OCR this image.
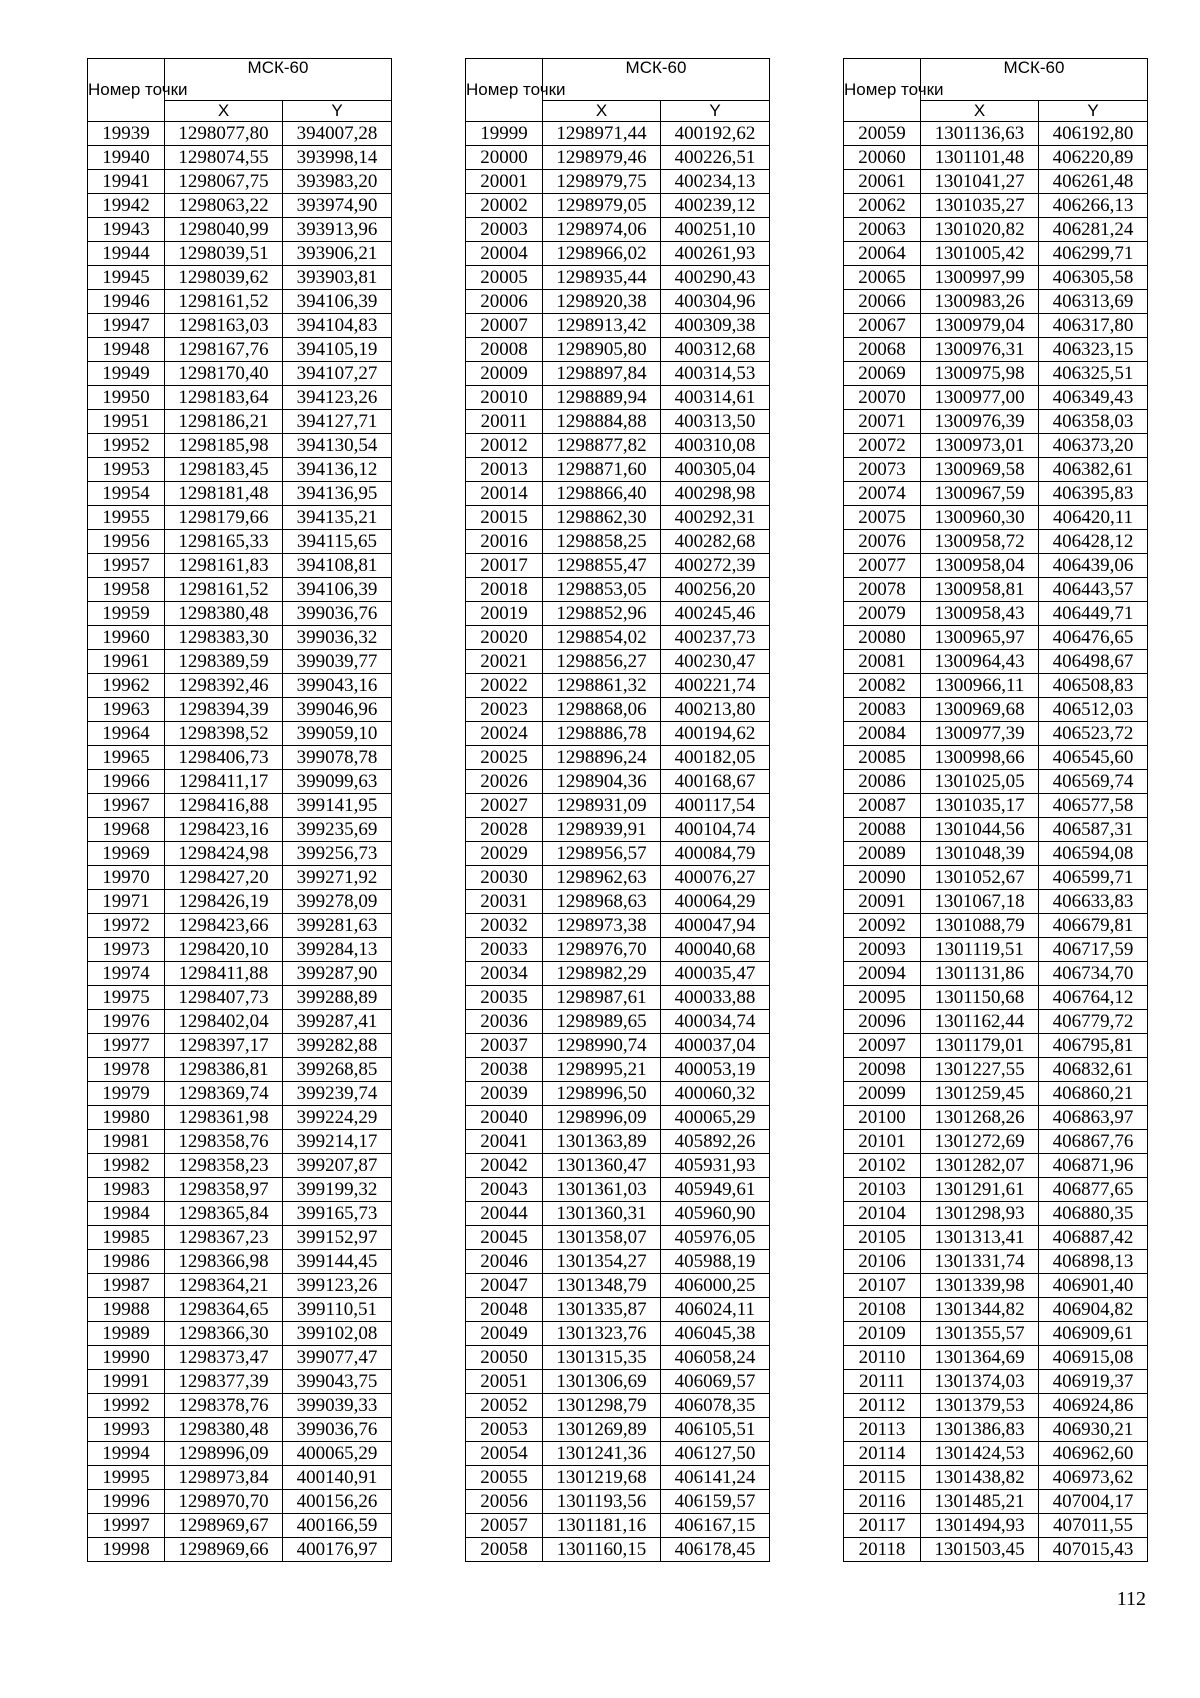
Номер точки	МСК-60	
	X	Y
19939	1298077,80	394007,28
19940	1298074,55	393998,14
19941	1298067,75	393983,20
19942	1298063,22	393974,90
19943	1298040,99	393913,96
19944	1298039,51	393906,21
19945	1298039,62	393903,81
19946	1298161,52	394106,39
19947	1298163,03	394104,83
19948	1298167,76	394105,19
19949	1298170,40	394107,27
19950	1298183,64	394123,26
19951	1298186,21	394127,71
19952	1298185,98	394130,54
19953	1298183,45	394136,12
19954	1298181,48	394136,95
19955	1298179,66	394135,21
19956	1298165,33	394115,65
19957	1298161,83	394108,81
19958	1298161,52	394106,39
19959	1298380,48	399036,76
19960	1298383,30	399036,32
19961	1298389,59	399039,77
19962	1298392,46	399043,16
19963	1298394,39	399046,96
19964	1298398,52	399059,10
19965	1298406,73	399078,78
19966	1298411,17	399099,63
19967	1298416,88	399141,95
19968	1298423,16	399235,69
19969	1298424,98	399256,73
19970	1298427,20	399271,92
19971	1298426,19	399278,09
19972	1298423,66	399281,63
19973	1298420,10	399284,13
19974	1298411,88	399287,90
19975	1298407,73	399288,89
19976	1298402,04	399287,41
19977	1298397,17	399282,88
19978	1298386,81	399268,85
19979	1298369,74	399239,74
19980	1298361,98	399224,29
19981	1298358,76	399214,17
19982	1298358,23	399207,87
19983	1298358,97	399199,32
19984	1298365,84	399165,73
19985	1298367,23	399152,97
19986	1298366,98	399144,45
19987	1298364,21	399123,26
19988	1298364,65	399110,51
19989	1298366,30	399102,08
19990	1298373,47	399077,47
19991	1298377,39	399043,75
19992	1298378,76	399039,33
19993	1298380,48	399036,76
19994	1298996,09	400065,29
19995	1298973,84	400140,91
19996	1298970,70	400156,26
19997	1298969,67	400166,59
19998	1298969,66	400176,97
Номер точки	МСК-60	
	X	Y
19999	1298971,44	400192,62
20000	1298979,46	400226,51
20001	1298979,75	400234,13
20002	1298979,05	400239,12
20003	1298974,06	400251,10
20004	1298966,02	400261,93
20005	1298935,44	400290,43
20006	1298920,38	400304,96
20007	1298913,42	400309,38
20008	1298905,80	400312,68
20009	1298897,84	400314,53
20010	1298889,94	400314,61
20011	1298884,88	400313,50
20012	1298877,82	400310,08
20013	1298871,60	400305,04
20014	1298866,40	400298,98
20015	1298862,30	400292,31
20016	1298858,25	400282,68
20017	1298855,47	400272,39
20018	1298853,05	400256,20
20019	1298852,96	400245,46
20020	1298854,02	400237,73
20021	1298856,27	400230,47
20022	1298861,32	400221,74
20023	1298868,06	400213,80
20024	1298886,78	400194,62
20025	1298896,24	400182,05
20026	1298904,36	400168,67
20027	1298931,09	400117,54
20028	1298939,91	400104,74
20029	1298956,57	400084,79
20030	1298962,63	400076,27
20031	1298968,63	400064,29
20032	1298973,38	400047,94
20033	1298976,70	400040,68
20034	1298982,29	400035,47
20035	1298987,61	400033,88
20036	1298989,65	400034,74
20037	1298990,74	400037,04
20038	1298995,21	400053,19
20039	1298996,50	400060,32
20040	1298996,09	400065,29
20041	1301363,89	405892,26
20042	1301360,47	405931,93
20043	1301361,03	405949,61
20044	1301360,31	405960,90
20045	1301358,07	405976,05
20046	1301354,27	405988,19
20047	1301348,79	406000,25
20048	1301335,87	406024,11
20049	1301323,76	406045,38
20050	1301315,35	406058,24
20051	1301306,69	406069,57
20052	1301298,79	406078,35
20053	1301269,89	406105,51
20054	1301241,36	406127,50
20055	1301219,68	406141,24
20056	1301193,56	406159,57
20057	1301181,16	406167,15
20058	1301160,15	406178,45
Номер точки	МСК-60	
	X	Y
20059	1301136,63	406192,80
20060	1301101,48	406220,89
20061	1301041,27	406261,48
20062	1301035,27	406266,13
20063	1301020,82	406281,24
20064	1301005,42	406299,71
20065	1300997,99	406305,58
20066	1300983,26	406313,69
20067	1300979,04	406317,80
20068	1300976,31	406323,15
20069	1300975,98	406325,51
20070	1300977,00	406349,43
20071	1300976,39	406358,03
20072	1300973,01	406373,20
20073	1300969,58	406382,61
20074	1300967,59	406395,83
20075	1300960,30	406420,11
20076	1300958,72	406428,12
20077	1300958,04	406439,06
20078	1300958,81	406443,57
20079	1300958,43	406449,71
20080	1300965,97	406476,65
20081	1300964,43	406498,67
20082	1300966,11	406508,83
20083	1300969,68	406512,03
20084	1300977,39	406523,72
20085	1300998,66	406545,60
20086	1301025,05	406569,74
20087	1301035,17	406577,58
20088	1301044,56	406587,31
20089	1301048,39	406594,08
20090	1301052,67	406599,71
20091	1301067,18	406633,83
20092	1301088,79	406679,81
20093	1301119,51	406717,59
20094	1301131,86	406734,70
20095	1301150,68	406764,12
20096	1301162,44	406779,72
20097	1301179,01	406795,81
20098	1301227,55	406832,61
20099	1301259,45	406860,21
20100	1301268,26	406863,97
20101	1301272,69	406867,76
20102	1301282,07	406871,96
20103	1301291,61	406877,65
20104	1301298,93	406880,35
20105	1301313,41	406887,42
20106	1301331,74	406898,13
20107	1301339,98	406901,40
20108	1301344,82	406904,82
20109	1301355,57	406909,61
20110	1301364,69	406915,08
20111	1301374,03	406919,37
20112	1301379,53	406924,86
20113	1301386,83	406930,21
20114	1301424,53	406962,60
20115	1301438,82	406973,62
20116	1301485,21	407004,17
20117	1301494,93	407011,55
20118	1301503,45	407015,43
112
